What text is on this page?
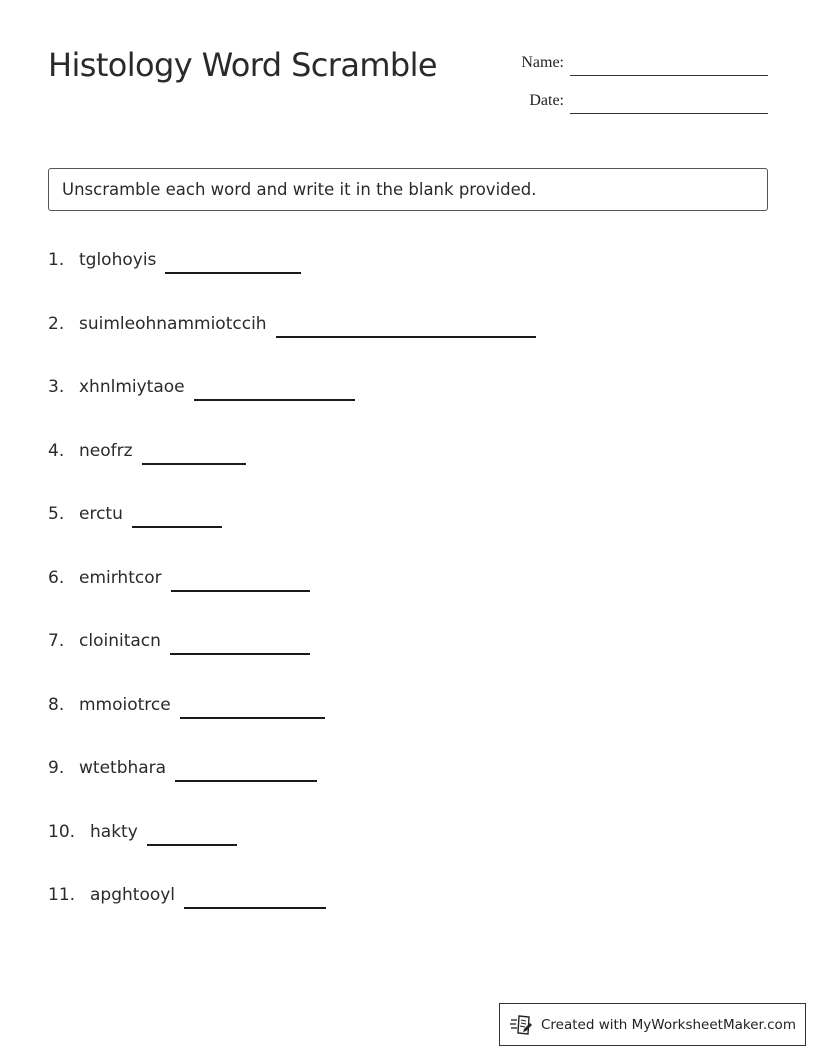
Histology Word Scramble	Name:
Date:
Unscramble each word and write it in the blank provided.
1. tglohoyis
2. suimleohnammiotccih
3. xhnlmiytaoe
4. neofrz
5. erctu
6. emirhtcor
7. cloinitacn
8. mmoiotrce
9. wtetbhara
10. hakty
11. apghtooyl
Created with MyWorksheetMaker.com
